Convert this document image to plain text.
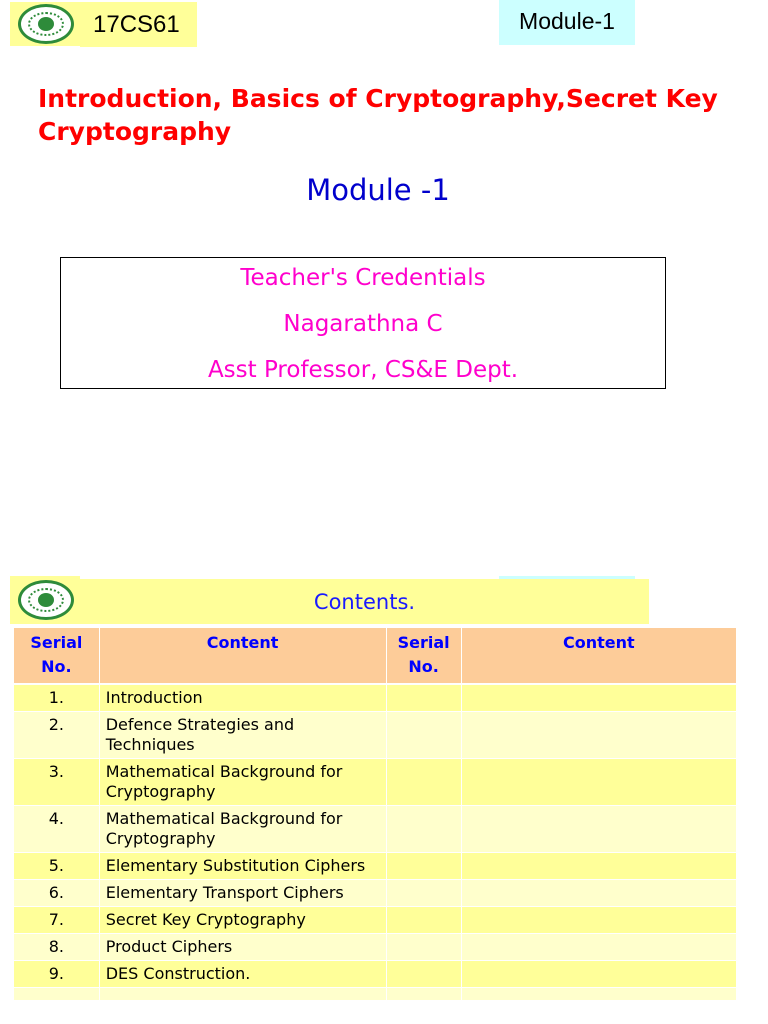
17CS61	Module-1
Introduction, Basics of Cryptography,Secret Key Cryptography
Module -1
Teacher's Credentials
Nagarathna C
Asst Professor, CS&E Dept.
Contents.
Serial No.	Content	Serial No.	Content
1.	Introduction		
2.	Defence Strategies and Techniques		
3.	Mathematical Background for Cryptography		
4.	Mathematical Background for Cryptography		
5.	Elementary Substitution Ciphers		
6.	Elementary Transport Ciphers		
7.	Secret Key Cryptography		
8.	Product Ciphers		
9.	DES Construction.		
